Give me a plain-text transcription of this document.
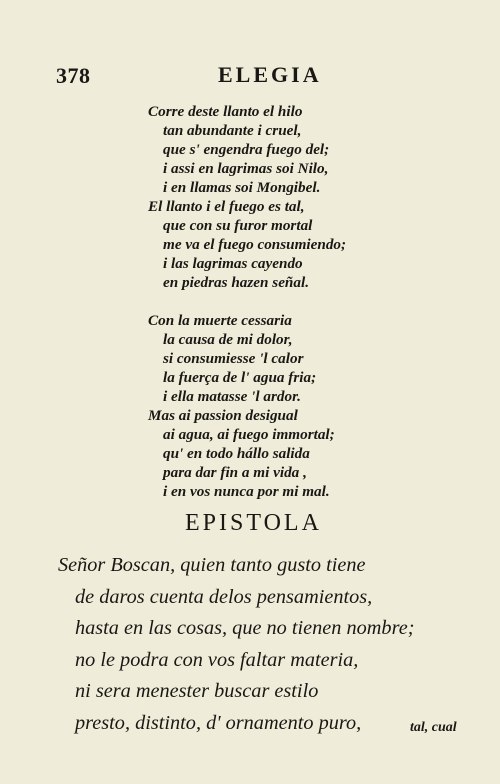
378	ELEGIA
Corre deste llanto el hilo
tan abundante i cruel,
que s' engendra fuego del;
i assi en lagrimas soi Nilo,
i en llamas soi Mongibel.
El llanto i el fuego es tal,
que con su furor mortal
me va el fuego consumiendo;
i las lagrimas cayendo
en piedras hazen señal.
Con la muerte cessaria
la causa de mi dolor,
si consumiesse 'l calor
la fuerça de l' agua fria;
i ella matasse 'l ardor.
Mas ai passion desigual
ai agua, ai fuego immortal;
qu' en todo hállo salida
para dar fin a mi vida ,
i en vos nunca por mi mal.
EPISTOLA
Señor Boscan, quien tanto gusto tiene
de daros cuenta delos pensamientos,
hasta en las cosas, que no tienen nombre;
no le podra con vos faltar materia,
ni sera menester buscar estilo
presto, distinto, d' ornamento puro,	tal, cual
